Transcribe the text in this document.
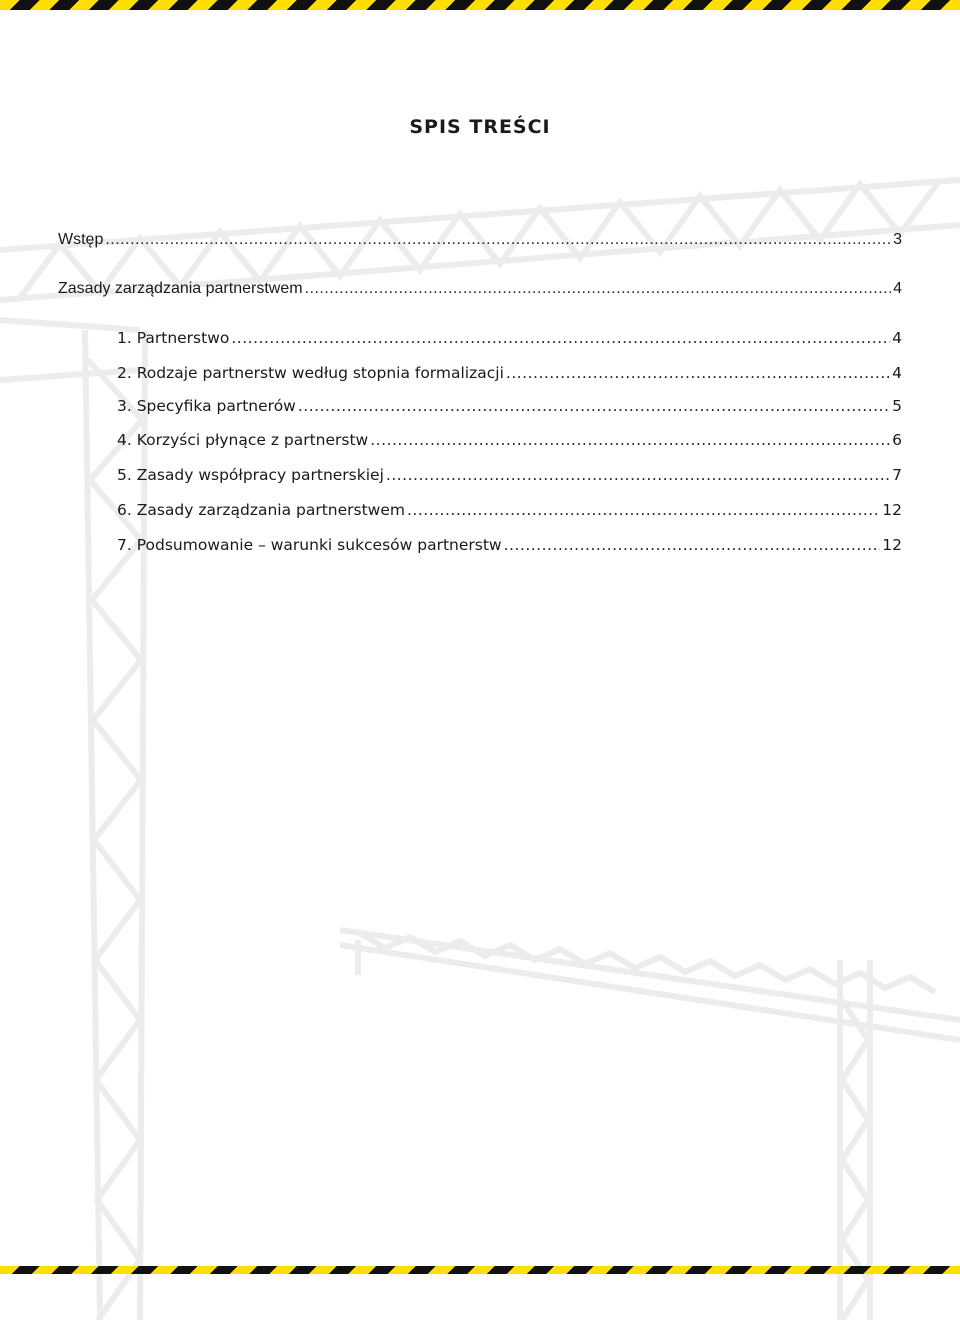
SPIS TREŚCI
Wstęp .....	3
Zasady zarządzania partnerstwem .....	4
1. Partnerstwo .....	4
2. Rodzaje partnerstw według stopnia formalizacji .....	4
3. Specyfika partnerów .....	5
4. Korzyści płynące z partnerstw .....	6
5. Zasady współpracy partnerskiej .....	7
6. Zasady zarządzania partnerstwem .....	12
7. Podsumowanie – warunki sukcesów partnerstw .....	12
